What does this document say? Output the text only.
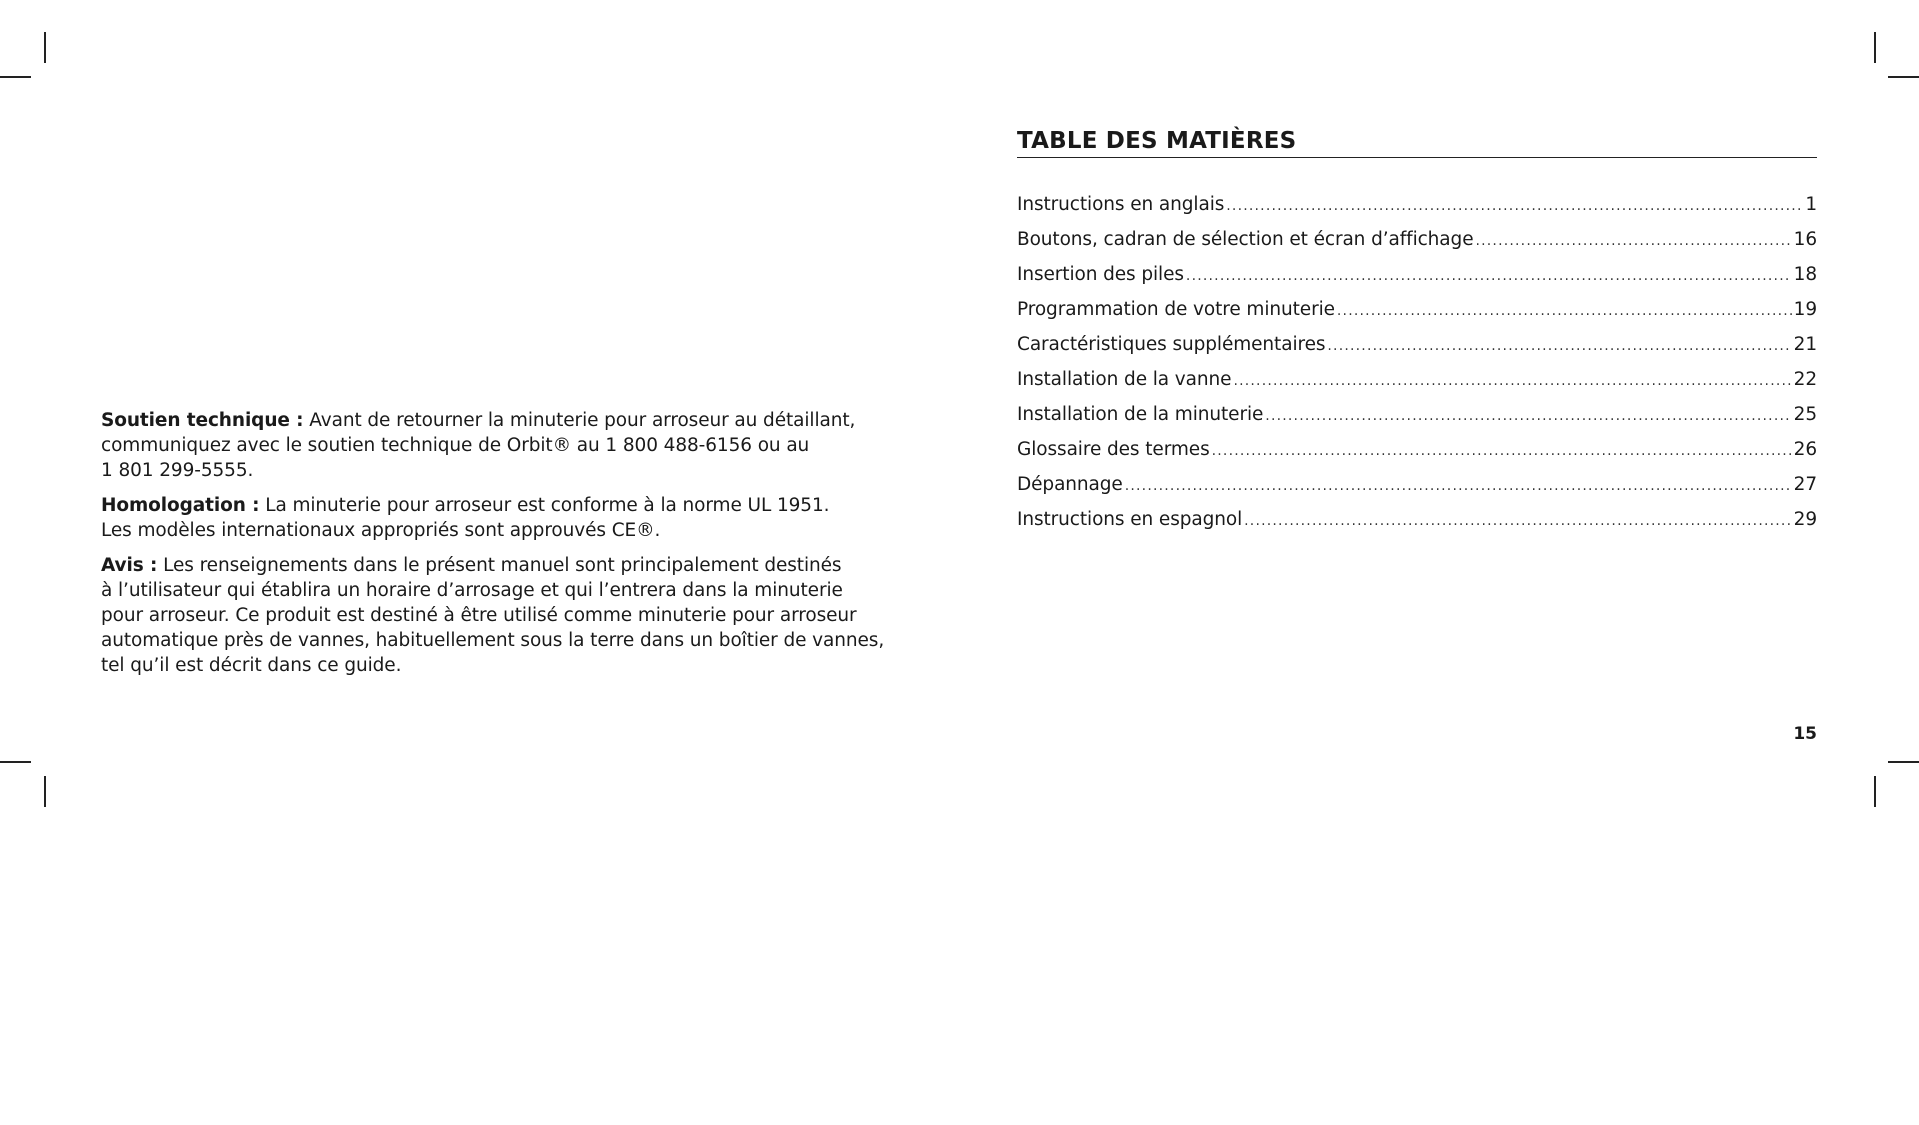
Soutien technique : Avant de retourner la minuterie pour arroseur au détaillant,
communiquez avec le soutien technique de Orbit® au 1 800 488-6156 ou au
1 801 299-5555.

Homologation : La minuterie pour arroseur est conforme à la norme UL 1951.
Les modèles internationaux appropriés sont approuvés CE®.

Avis : Les renseignements dans le présent manuel sont principalement destinés
à l’utilisateur qui établira un horaire d’arrosage et qui l’entrera dans la minuterie
pour arroseur. Ce produit est destiné à être utilisé comme minuterie pour arroseur
automatique près de vannes, habituellement sous la terre dans un boîtier de vannes,
tel qu’il est décrit dans ce guide.

TABLE DES MATIÈRES
Instructions en anglais .....	1
Boutons, cadran de sélection et écran d’affichage .....	16
Insertion des piles .....	18
Programmation de votre minuterie .....	19
Caractéristiques supplémentaires .....	21
Installation de la vanne .....	22
Installation de la minuterie .....	25
Glossaire des termes .....	26
Dépannage .....	27
Instructions en espagnol .....	29
15
